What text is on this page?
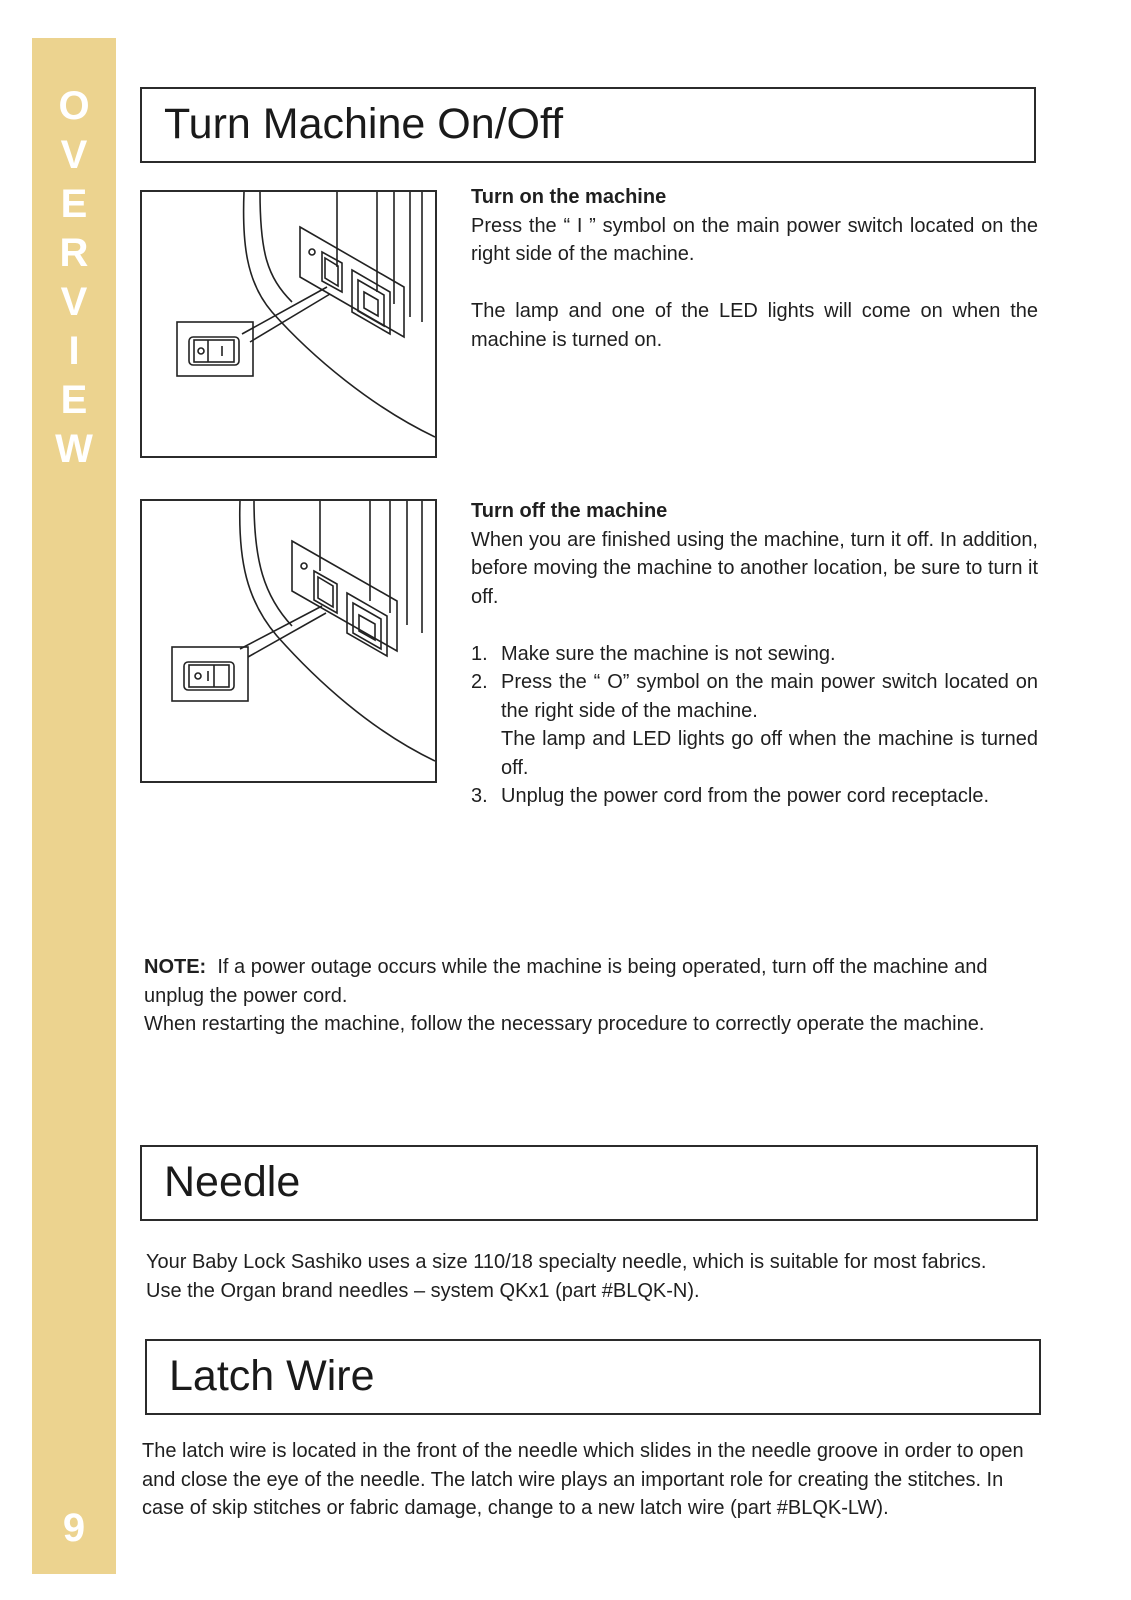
O
V
E
R
V
I
E
W
9
Turn Machine On/Off

Turn on the machine

Press the “ I ” symbol on the main power switch located on the right side of the machine.

The lamp and one of the LED lights will come on when the machine is turned on.

Turn off the machine

When you are finished using the machine, turn it off. In addition, before moving the machine to another location, be sure to turn it off.

1. Make sure the machine is not sewing.
2. Press the “ O” symbol on the main power switch located on the right side of the machine.
The lamp and LED lights go off when the machine is turned off.
3. Unplug the power cord from the power cord receptacle.

NOTE: If a power outage occurs while the machine is being operated, turn off the machine and unplug the power cord.

When restarting the machine, follow the necessary procedure to correctly operate the machine.

Needle

Your Baby Lock Sashiko uses a size 110/18 specialty needle, which is suitable for most fabrics.

Use the Organ brand needles – system QKx1 (part #BLQK-N).

Latch Wire

The latch wire is located in the front of the needle which slides in the needle groove in order to open and close the eye of the needle. The latch wire plays an important role for creating the stitches. In case of skip stitches or fabric damage, change to a new latch wire (part #BLQK-LW).
